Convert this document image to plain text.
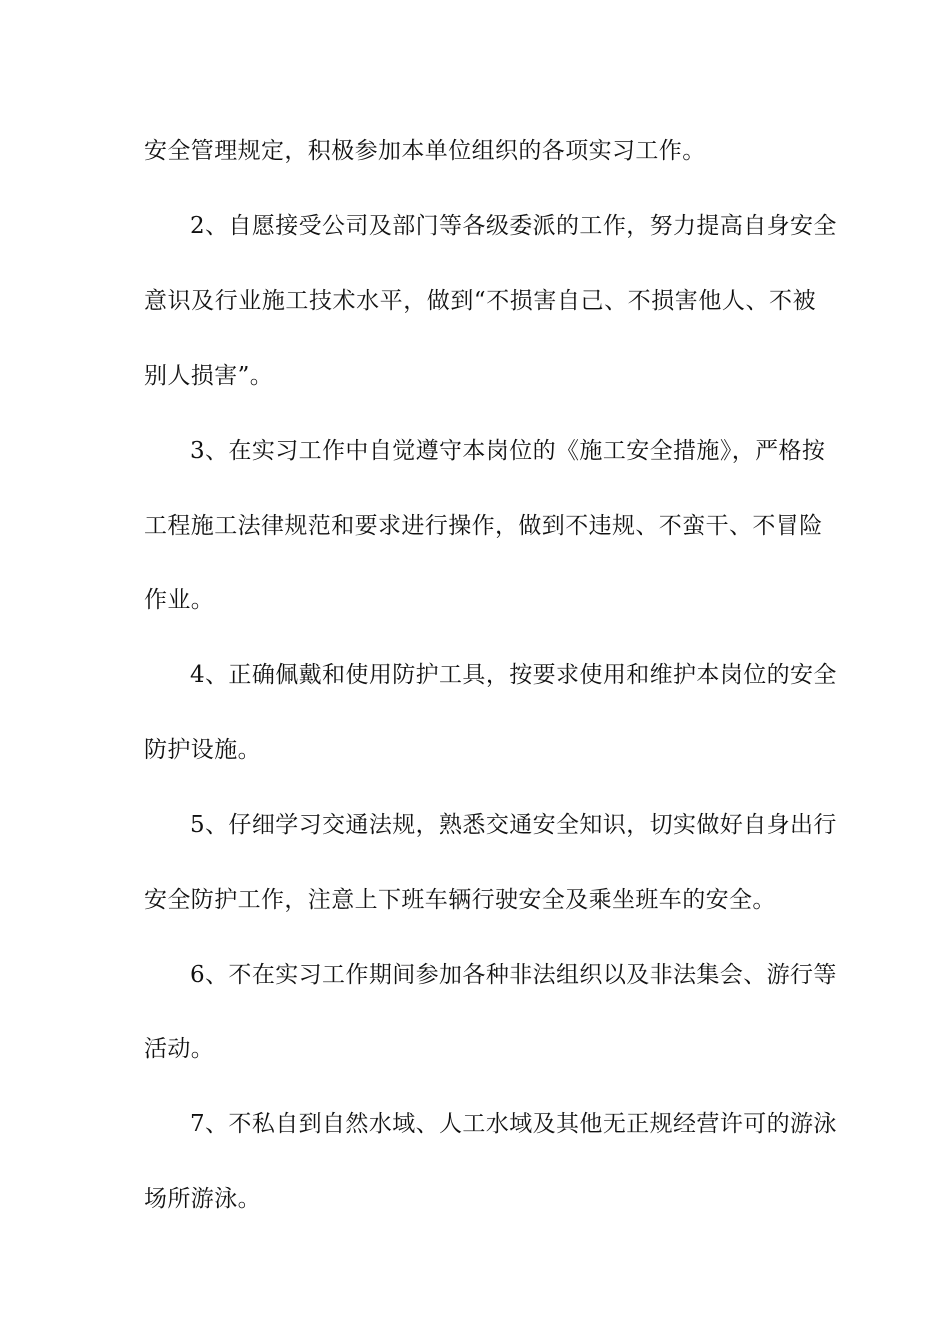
安全管理规定，积极参加本单位组织的各项实习工作。
2、自愿接受公司及部门等各级委派的工作，努力提高自身安全
意识及行业施工技术水平，做到“不损害自己、不损害他人、不被
别人损害”。
3、在实习工作中自觉遵守本岗位的《施工安全措施》，严格按
工程施工法律规范和要求进行操作，做到不违规、不蛮干、不冒险
作业。
4、正确佩戴和使用防护工具，按要求使用和维护本岗位的安全
防护设施。
5、仔细学习交通法规，熟悉交通安全知识，切实做好自身出行
安全防护工作，注意上下班车辆行驶安全及乘坐班车的安全。
6、不在实习工作期间参加各种非法组织以及非法集会、游行等
活动。
7、不私自到自然水域、人工水域及其他无正规经营许可的游泳
场所游泳。
